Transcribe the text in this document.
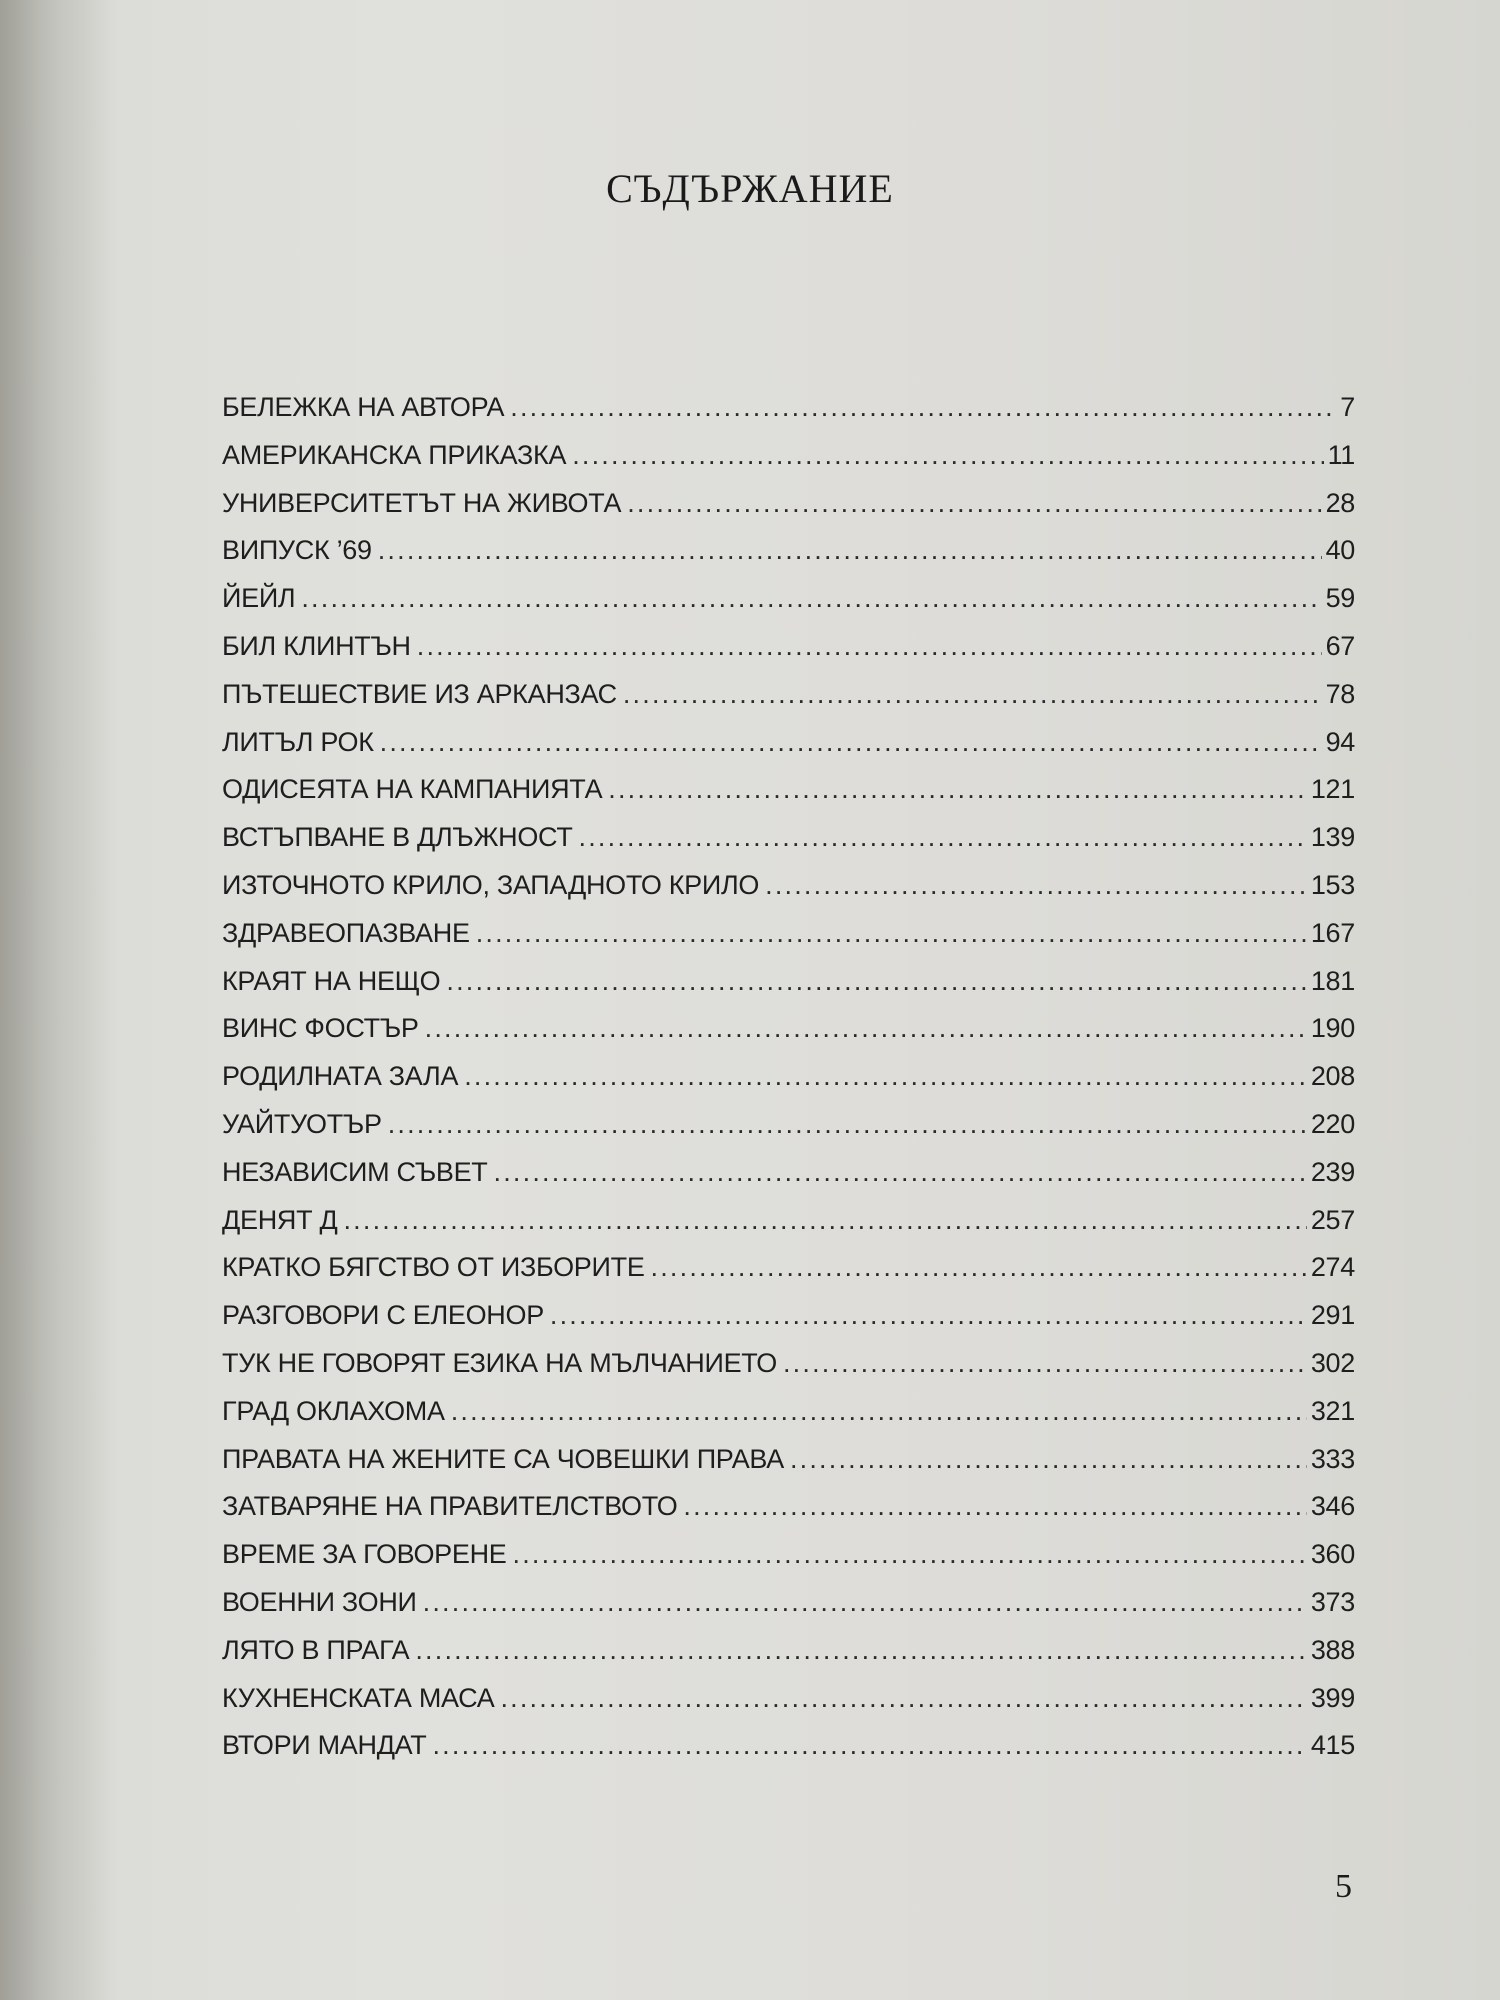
СЪДЪРЖАНИЕ
БЕЛЕЖКА НА АВТОРА .....	7
АМЕРИКАНСКА ПРИКАЗКА .....	11
УНИВЕРСИТЕТЪТ НА ЖИВОТА .....	28
ВИПУСК ’69 .....	40
ЙЕЙЛ .....	59
БИЛ КЛИНТЪН .....	67
ПЪТЕШЕСТВИЕ ИЗ АРКАНЗАС .....	78
ЛИТЪЛ РОК .....	94
ОДИСЕЯТА НА КАМПАНИЯТА .....	121
ВСТЪПВАНЕ В ДЛЪЖНОСТ .....	139
ИЗТОЧНОТО КРИЛО, ЗАПАДНОТО КРИЛО .....	153
ЗДРАВЕОПАЗВАНЕ .....	167
КРАЯТ НА НЕЩО .....	181
ВИНС ФОСТЪР .....	190
РОДИЛНАТА ЗАЛА .....	208
УАЙТУОТЪР .....	220
НЕЗАВИСИМ СЪВЕТ .....	239
ДЕНЯТ Д .....	257
КРАТКО БЯГСТВО ОТ ИЗБОРИТЕ .....	274
РАЗГОВОРИ С ЕЛЕОНОР .....	291
ТУК НЕ ГОВОРЯТ ЕЗИКА НА МЪЛЧАНИЕТО .....	302
ГРАД ОКЛАХОМА .....	321
ПРАВАТА НА ЖЕНИТЕ СА ЧОВЕШКИ ПРАВА .....	333
ЗАТВАРЯНЕ НА ПРАВИТЕЛСТВОТО .....	346
ВРЕМЕ ЗА ГОВОРЕНЕ .....	360
ВОЕННИ ЗОНИ .....	373
ЛЯТО В ПРАГА .....	388
КУХНЕНСКАТА МАСА .....	399
ВТОРИ МАНДАТ .....	415
5
